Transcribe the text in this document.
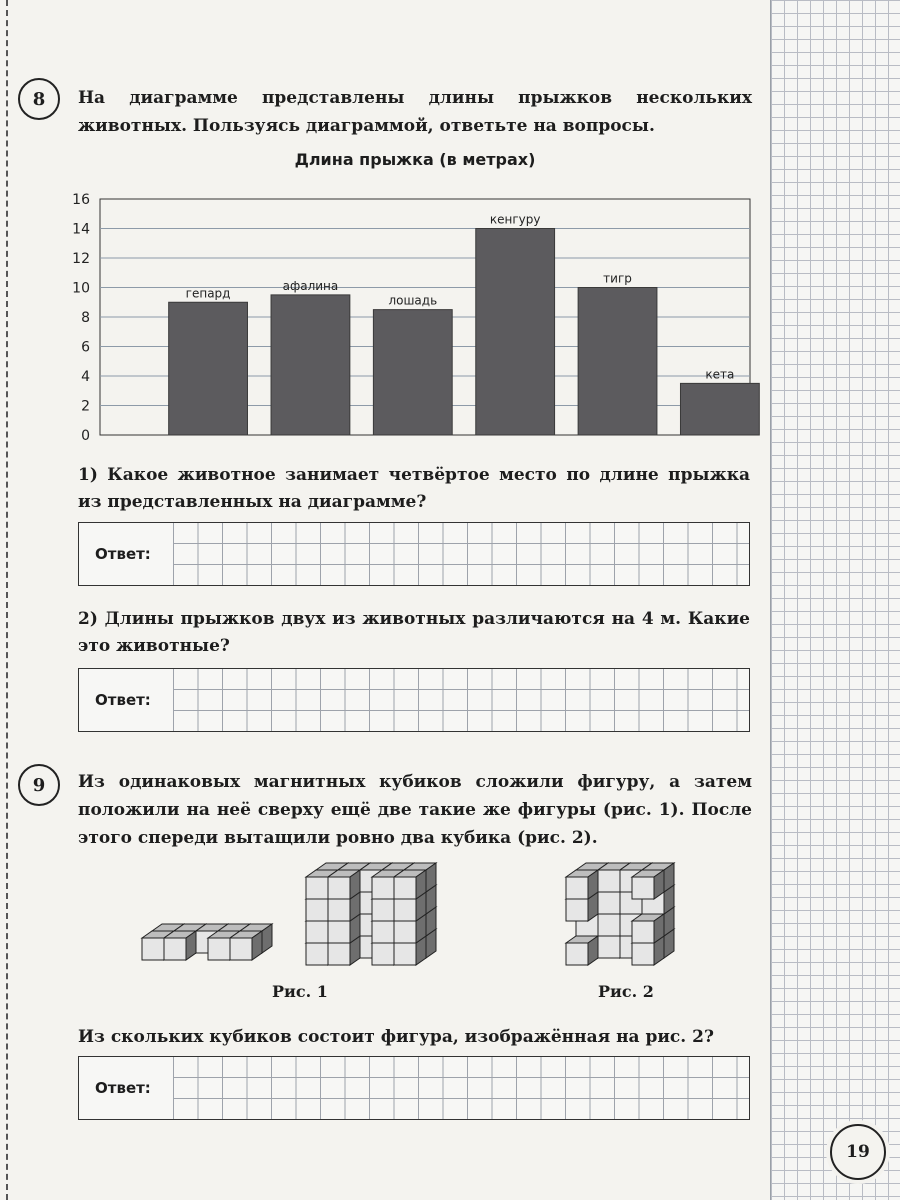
8	На диаграмме представлены длины прыжков нескольких животных. Пользуясь диаграммой, ответьте на вопросы.
Длина прыжка (в метрах)
0
2
4
6
8
10
12
14
16
гепард
афалина
лошадь
кенгуру
тигр
кета
1) Какое животное занимает четвёртое место по длине прыжка из представленных на диаграмме?
Ответ:
2) Длины прыжков двух из животных различаются на 4 м. Какие это животные?
Ответ:
9	Из одинаковых магнитных кубиков сложили фигуру, а затем положили на неё сверху ещё две такие же фигуры (рис. 1). После этого спереди вытащили ровно два кубика (рис. 2).
Рис. 1	Рис. 2
Из скольких кубиков состоит фигура, изображённая на рис. 2?
Ответ:
19
